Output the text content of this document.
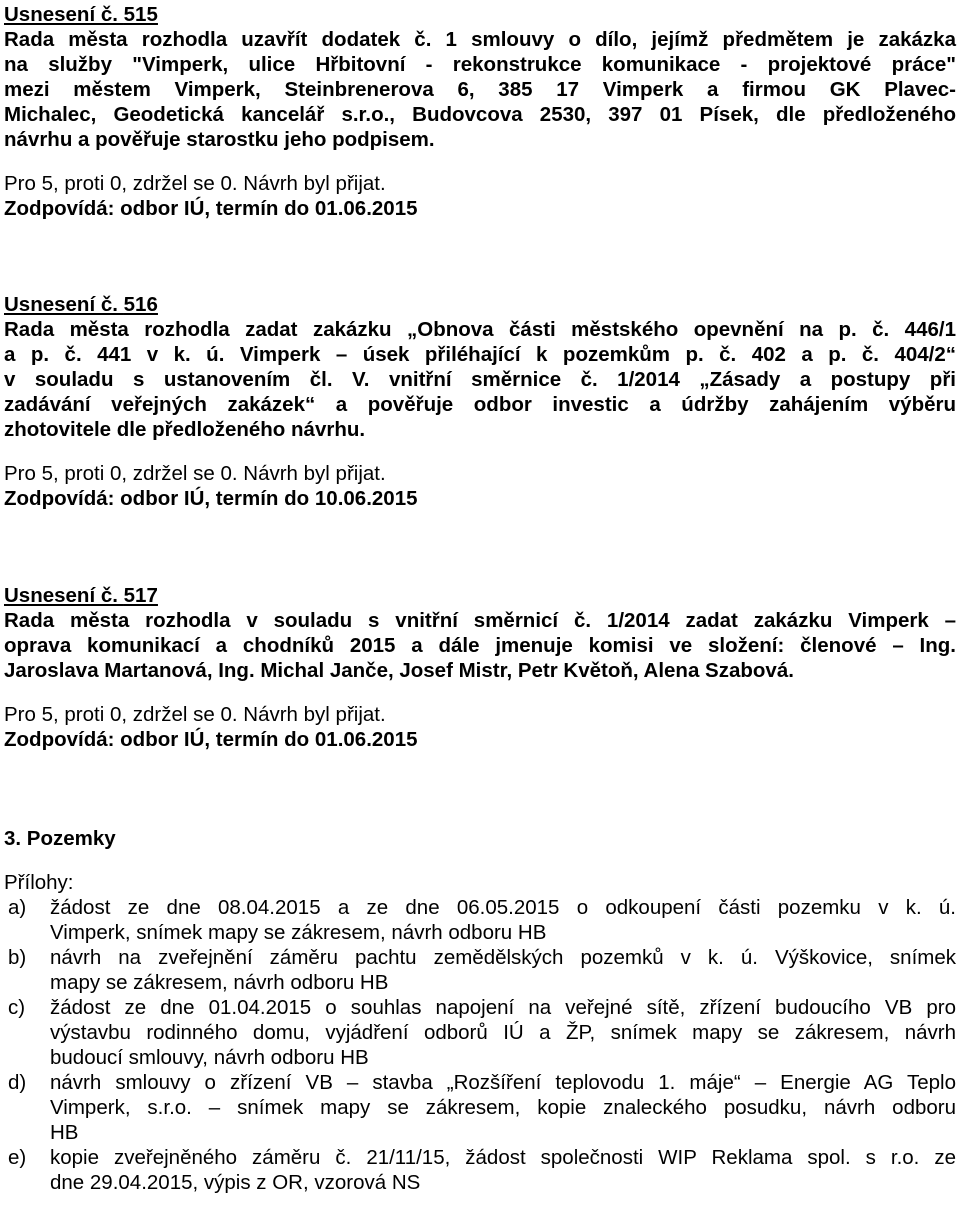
Usnesení č. 515
Rada města rozhodla uzavřít dodatek č. 1 smlouvy o dílo, jejímž předmětem je zakázka
na služby "Vimperk, ulice Hřbitovní - rekonstrukce komunikace - projektové práce"
mezi městem Vimperk, Steinbrenerova 6, 385 17 Vimperk a firmou GK Plavec-
Michalec, Geodetická kancelář s.r.o., Budovcova 2530, 397 01 Písek, dle předloženého
návrhu a pověřuje starostku jeho podpisem.
Pro 5, proti 0, zdržel se 0. Návrh byl přijat.
Zodpovídá: odbor IÚ, termín do 01.06.2015
Usnesení č. 516
Rada města rozhodla zadat zakázku „Obnova části městského opevnění na p. č. 446/1
a p. č. 441 v k. ú. Vimperk – úsek přiléhající k pozemkům p. č. 402 a p. č. 404/2“
v souladu s ustanovením čl. V. vnitřní směrnice č. 1/2014 „Zásady a postupy při
zadávání veřejných zakázek“ a pověřuje odbor investic a údržby zahájením výběru
zhotovitele dle předloženého návrhu.
Pro 5, proti 0, zdržel se 0. Návrh byl přijat.
Zodpovídá: odbor IÚ, termín do 10.06.2015
Usnesení č. 517
Rada města rozhodla v souladu s vnitřní směrnicí č. 1/2014 zadat zakázku Vimperk –
oprava komunikací a chodníků 2015 a dále jmenuje komisi ve složení: členové – Ing.
Jaroslava Martanová, Ing. Michal Janče, Josef Mistr, Petr Květoň, Alena Szabová.
Pro 5, proti 0, zdržel se 0. Návrh byl přijat.
Zodpovídá: odbor IÚ, termín do 01.06.2015
3. Pozemky
Přílohy:
a) žádost ze dne 08.04.2015 a ze dne 06.05.2015 o odkoupení části pozemku v k. ú.
Vimperk, snímek mapy se zákresem, návrh odboru HB
b) návrh na zveřejnění záměru pachtu zemědělských pozemků v k. ú. Výškovice, snímek
mapy se zákresem, návrh odboru HB
c) žádost ze dne 01.04.2015 o souhlas napojení na veřejné sítě, zřízení budoucího VB pro
výstavbu rodinného domu, vyjádření odborů IÚ a ŽP, snímek mapy se zákresem, návrh
budoucí smlouvy, návrh odboru HB
d) návrh smlouvy o zřízení VB – stavba „Rozšíření teplovodu 1. máje“ – Energie AG Teplo
Vimperk, s.r.o. – snímek mapy se zákresem, kopie znaleckého posudku, návrh odboru
HB
e) kopie zveřejněného záměru č. 21/11/15, žádost společnosti WIP Reklama spol. s r.o. ze
dne 29.04.2015, výpis z OR, vzorová NS
